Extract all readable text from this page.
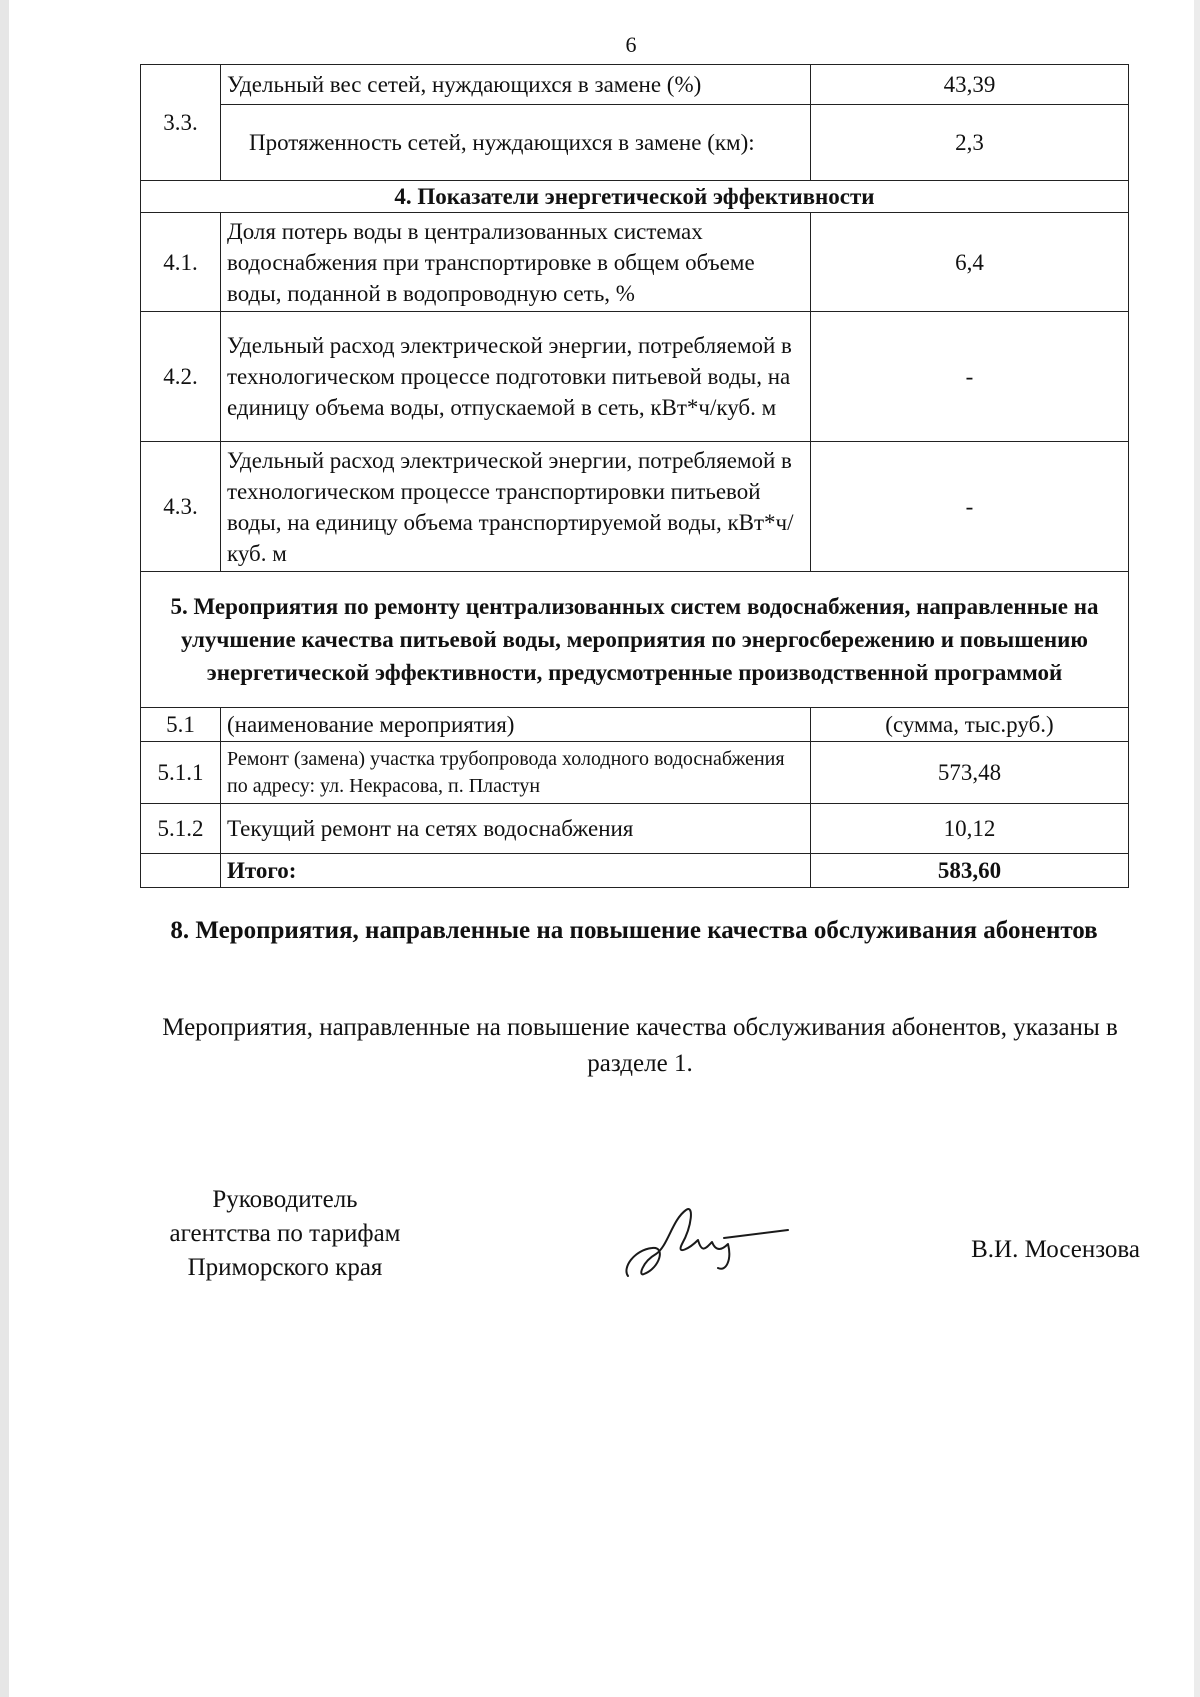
6
3.3.	Удельный вес сетей, нуждающихся в замене (%)	43,39
	Протяженность сетей, нуждающихся в замене (км):	2,3
4. Показатели энергетической эффективности		
4.1.	Доля потерь воды в централизованных системах водоснабжения при транспортировке в общем объеме воды, поданной в водопроводную сеть, %	6,4
4.2.	Удельный расход электрической энергии, потребляемой в технологическом процессе подготовки питьевой воды, на единицу объема воды, отпускаемой в сеть, кВт*ч/куб. м	-
4.3.	Удельный расход электрической энергии, потребляемой в технологическом процессе транспортировки питьевой воды, на единицу объема транспортируемой воды, кВт*ч/куб. м	-
5. Мероприятия по ремонту централизованных систем водоснабжения, направленные на улучшение качества питьевой воды, мероприятия по энергосбережению и повышению энергетической эффективности, предусмотренные производственной программой		
5.1	(наименование мероприятия)	(сумма, тыс.руб.)
5.1.1	Ремонт (замена) участка трубопровода холодного водоснабжения по адресу: ул. Некрасова, п. Пластун	573,48
5.1.2	Текущий ремонт на сетях водоснабжения	10,12
	Итого:	583,60
8. Мероприятия, направленные на повышение качества обслуживания абонентов
Мероприятия, направленные на повышение качества обслуживания абонентов, указаны в разделе 1.
Руководитель
агентства по тарифам
Приморского края
В.И. Мосензова
